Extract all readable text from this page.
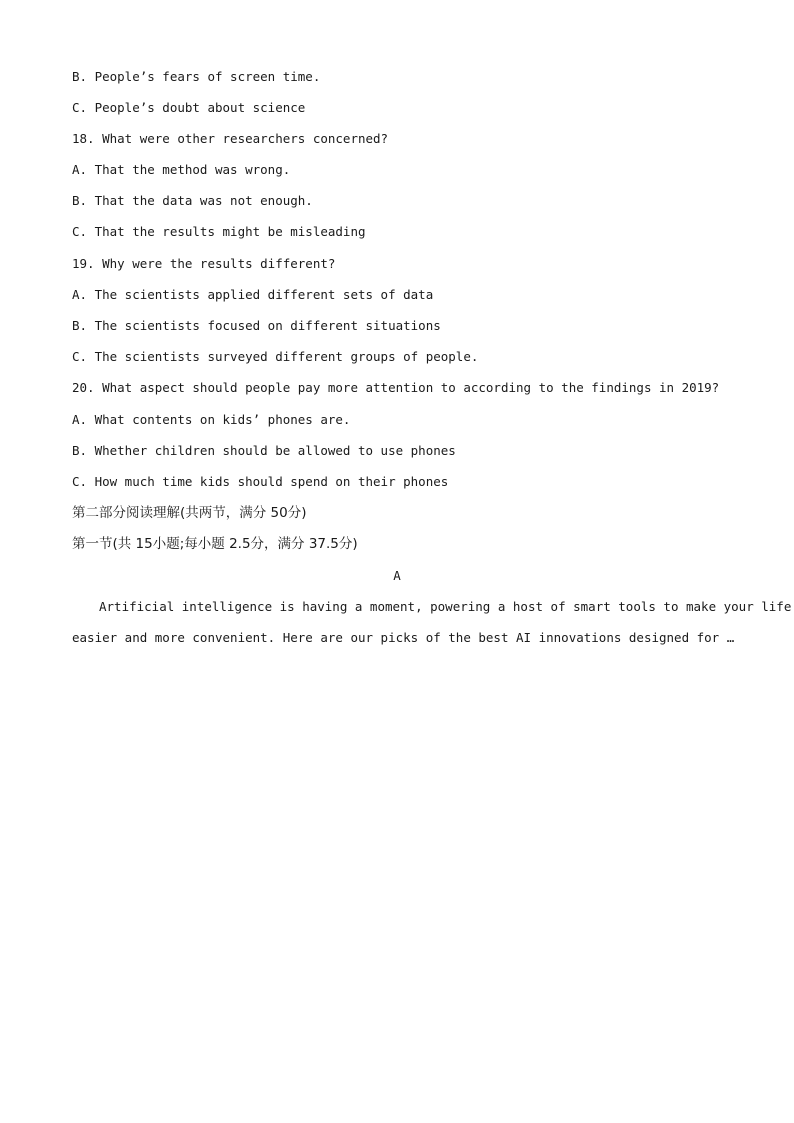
B. People’s fears of screen time.
C. People’s doubt about science
18. What were other researchers concerned?
A. That the method was wrong.
B. That the data was not enough.
C. That the results might be misleading
19. Why were the results different?
A. The scientists applied different sets of data
B. The scientists focused on different situations
C. The scientists surveyed different groups of people.
20. What aspect should people pay more attention to according to the findings in 2019?
A. What contents on kids’ phones are.
B. Whether children should be allowed to use phones
C. How much time kids should spend on their phones
第二部分阅读理解(共两节，满分 50分)
第一节(共 15小题;每小题 2.5分，满分 37.5分)
A
Artificial intelligence is having a moment, powering a host of smart tools to make your life
easier and more convenient. Here are our picks of the best AI innovations designed for …
